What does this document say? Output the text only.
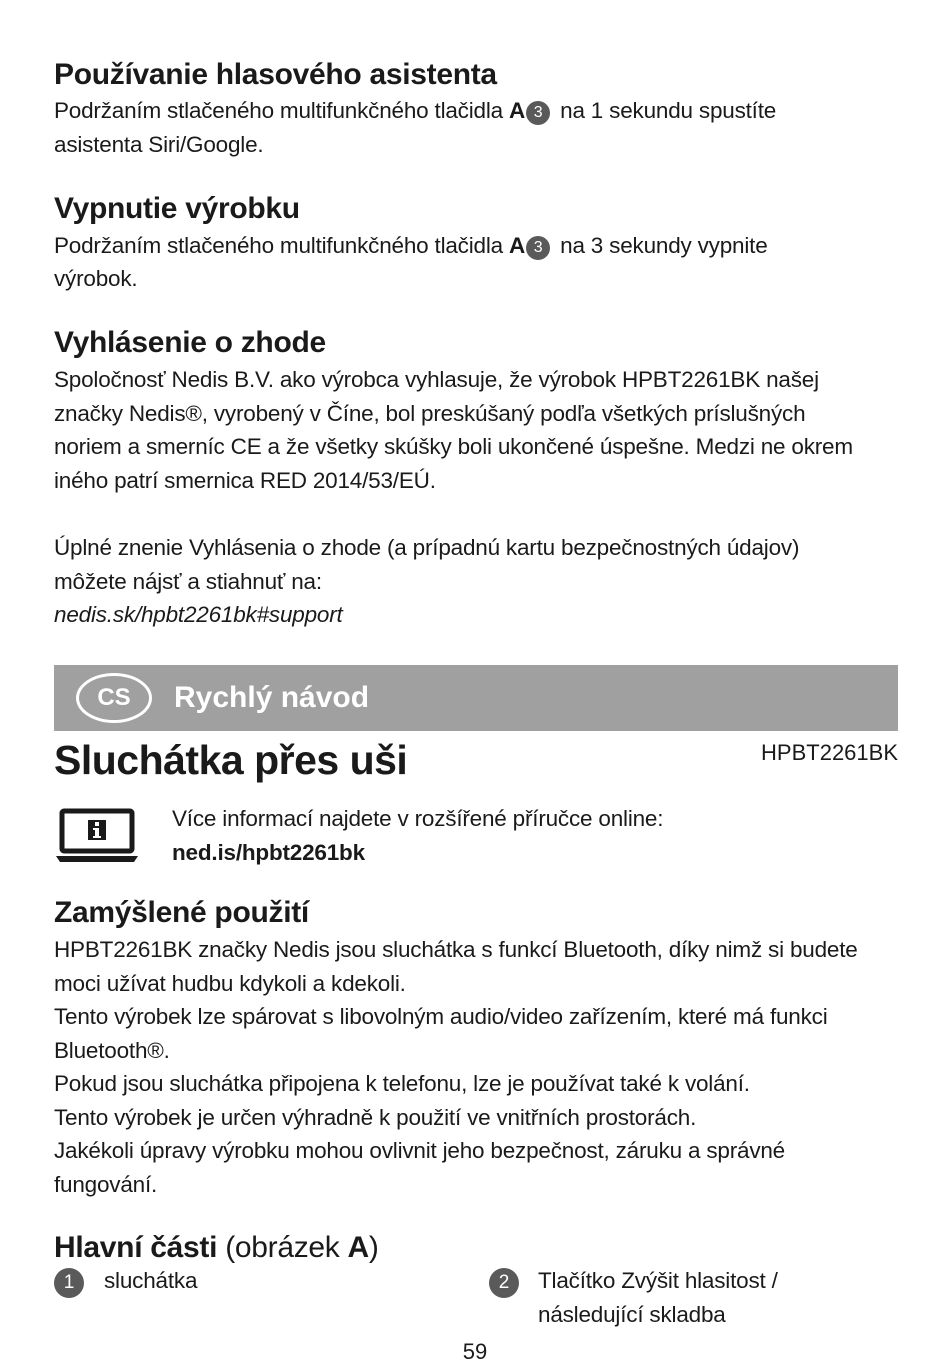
Používanie hlasového asistenta

Podržaním stlačeného multifunkčného tlačidla A 3 na 1 sekundu spustíte

asistenta Siri/Google.

Vypnutie výrobku

Podržaním stlačeného multifunkčného tlačidla A 3 na 3 sekundy vypnite

výrobok.

Vyhlásenie o zhode

Spoločnosť Nedis B.V. ako výrobca vyhlasuje, že výrobok HPBT2261BK našej

značky Nedis®, vyrobený v Číne, bol preskúšaný podľa všetkých príslušných

noriem a smerníc CE a že všetky skúšky boli ukončené úspešne. Medzi ne okrem

iného patrí smernica RED 2014/53/EÚ.

Úplné znenie Vyhlásenia o zhode (a prípadnú kartu bezpečnostných údajov)

môžete nájsť a stiahnuť na:

nedis.sk/hpbt2261bk#support

CS	Rychlý návod
Sluchátka přes uši	HPBT2261BK

Více informací najdete v rozšířené příručce online:

ned.is/hpbt2261bk

Zamýšlené použití

HPBT2261BK značky Nedis jsou sluchátka s funkcí Bluetooth, díky nimž si budete

moci užívat hudbu kdykoli a kdekoli.

Tento výrobek lze spárovat s libovolným audio/video zařízením, které má funkci

Bluetooth®.

Pokud jsou sluchátka připojena k telefonu, lze je používat také k volání.

Tento výrobek je určen výhradně k použití ve vnitřních prostorách.

Jakékoli úpravy výrobku mohou ovlivnit jeho bezpečnost, záruku a správné

fungování.

Hlavní části (obrázek A)
1	sluchátka	2	Tlačítko Zvýšit hlasitost /

následující skladba

59
